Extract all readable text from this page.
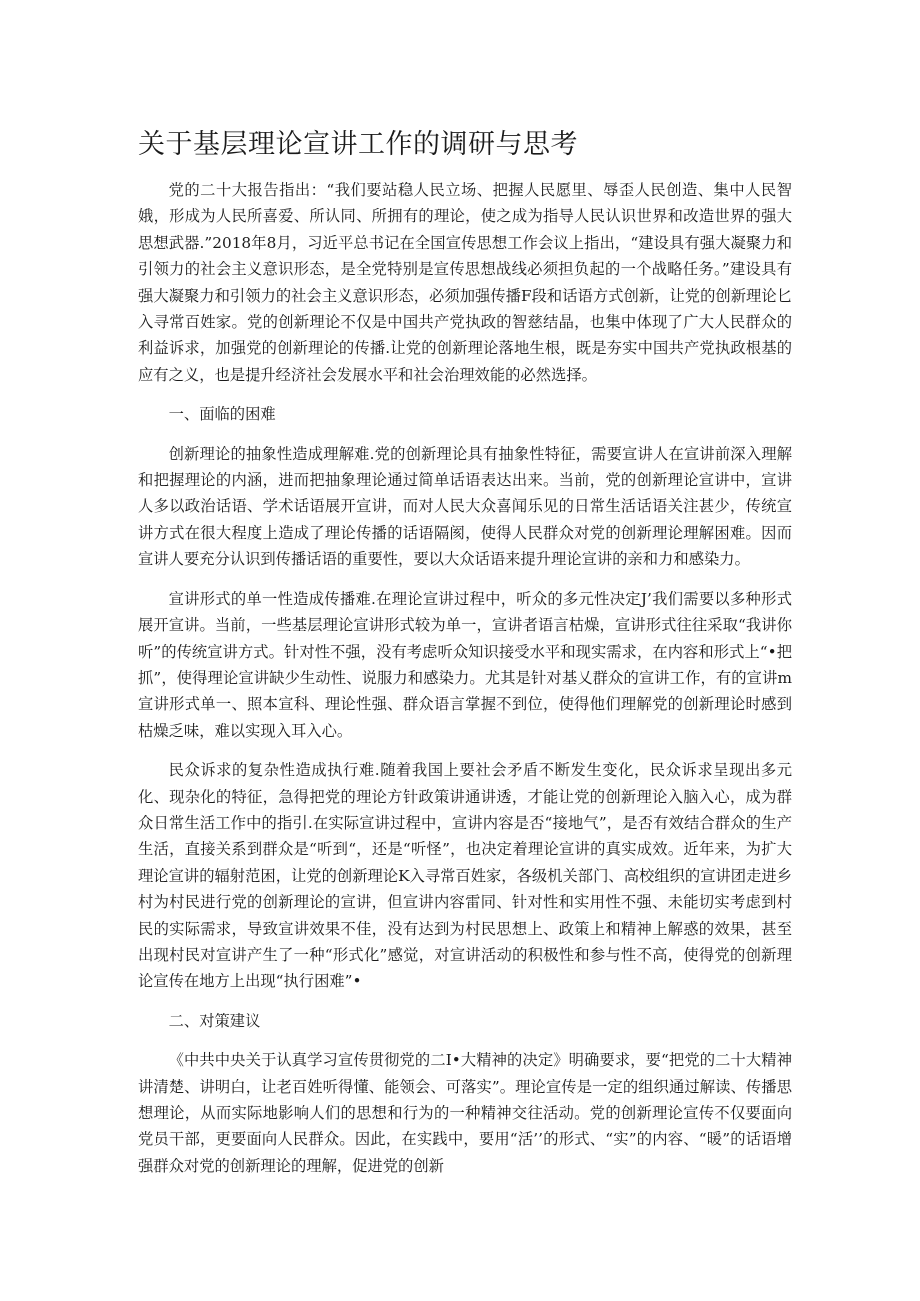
关于基层理论宣讲工作的调研与思考

党的二十大报告指出：“我们要站稳人民立场、把握人民愿里、辱歪人民创造、集中人民智娥，形成为人民所喜爱、所认同、所拥有的理论，使之成为指导人民认识世界和改造世界的强大思想武器.”2018年8月，习近平总书记在全国宣传思想工作会议上指出，“建设具有强大凝聚力和引领力的社会主义意识形态，是全党特别是宣传思想战线必须担负起的一个战略任务。”建设具有强大凝聚力和引领力的社会主义意识形态，必须加强传播F段和话语方式创新，让党的创新理论匕入寻常百姓家。党的创新理论不仅是中国共产党执政的智慈结晶，也集中体现了广大人民群众的利益诉求，加强党的创新理论的传播.让党的创新理论落地生根，既是夯实中国共产党执政根基的应有之义，也是提升经济社会发展水平和社会治理效能的必然选择。

一、面临的困难

创新理论的抽象性造成理解难.党的创新理论具有抽象性特征，需要宣讲人在宣讲前深入理解和把握理论的内涵，进而把抽象理论通过简单话语表达出来。当前，党的创新理论宣讲中，宣讲人多以政治话语、学术话语展开宣讲，而对人民大众喜闻乐见的日常生活话语关注甚少，传统宣讲方式在很大程度上造成了理论传播的话语隔阂，使得人民群众对党的创新理论理解困难。因而宣讲人要充分认识到传播话语的重要性，要以大众话语来提升理论宣讲的亲和力和感染力。

宣讲形式的单一性造成传播难.在理论宣讲过程中，听众的多元性决定J’我们需要以多种形式展开宣讲。当前，一些基层理论宣讲形式较为单一，宣讲者语言枯燥，宣讲形式往往采取“我讲你听”的传统宣讲方式。针对性不强，没有考虑听众知识接受水平和现实需求，在内容和形式上“•把抓”，使得理论宣讲缺少生动性、说服力和感染力。尤其是针对基乂群众的宣讲工作，有的宣讲m宣讲形式单一、照本宣科、理论性强、群众语言掌握不到位，使得他们理解党的创新理论时感到枯燥乏味，难以实现入耳入心。

民众诉求的复杂性造成执行难.随着我国上要社会矛盾不断发生变化，民众诉求呈现出多元化、现杂化的特征，急得把党的理论方针政策讲通讲透，才能让党的创新理论入脑入心，成为群众日常生活工作中的指引.在实际宣讲过程中，宣讲内容是否“接地气”，是否有效结合群众的生产生活，直接关系到群众是“听到“，还是“听怪”，也决定着理论宣讲的真实成效。近年来，为扩大理论宣讲的辐射范困，让党的创新理论K入寻常百姓家，各级机关部门、高校组织的宣讲团走进乡村为村民进行党的创新理论的宣讲，但宣讲内容雷同、针对性和实用性不强、未能切实考虑到村民的实际需求，导致宣讲效果不佳，没有达到为村民思想上、政策上和精神上解惑的效果，甚至出现村民对宣讲产生了一种“形式化”感觉，对宣讲活动的积极性和参与性不高，使得党的创新理论宣传在地方上出现“执行困难”•

二、对策建议

《中共中央关于认真学习宣传贯彻党的二I•大精神的决定》明确要求，要“把党的二十大精神讲清楚、讲明白，让老百姓听得懂、能领会、可落实”。理论宣传是一定的组织通过解读、传播思想理论，从而实际地影响人们的思想和行为的一种精神交往活动。党的创新理论宣传不仅要面向党员干部，更要面向人民群众。因此，在实践中，要用“活’’的形式、“实”的内容、“暖”的话语增强群众对党的创新理论的理解，促进党的创新
